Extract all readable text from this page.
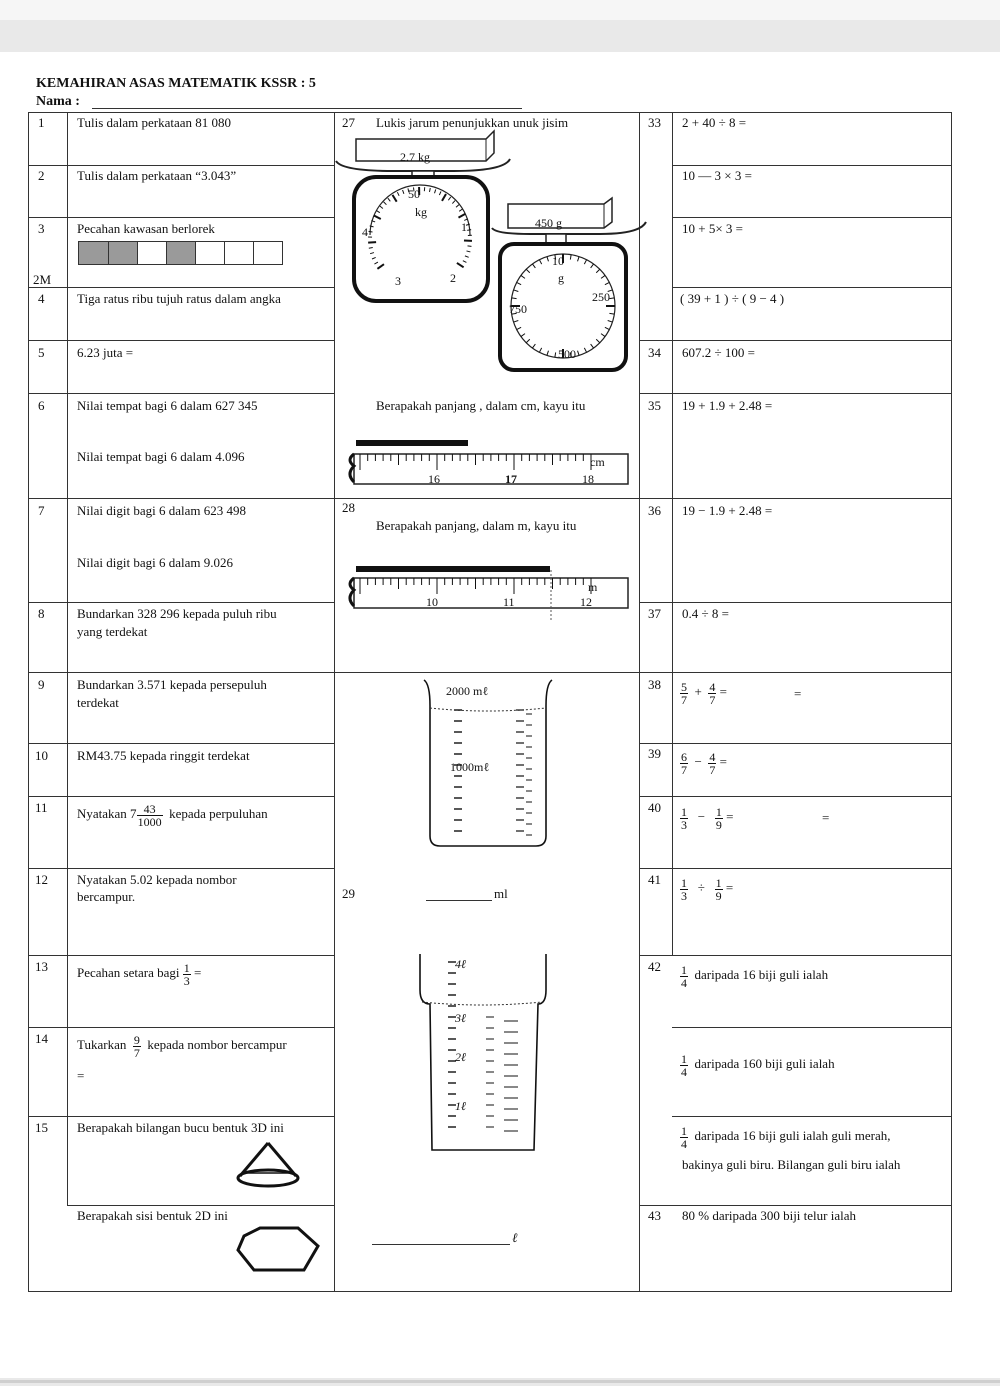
KEMAHIRAN ASAS MATEMATIK KSSR : 5
Nama :
1	Tulis dalam perkataan 81 080
2	Tulis dalam perkataan “3.043”
3	Pecahan kawasan berlorek
2M
4	Tiga ratus ribu tujuh ratus dalam angka
5	6.23 juta =
6	Nilai tempat bagi 6 dalam 627 345
Nilai tempat bagi 6 dalam 4.096
7	Nilai digit bagi 6 dalam 623 498
Nilai digit bagi 6 dalam 9.026
8	Bundarkan 328 296 kepada puluh ribu
yang terdekat
9	Bundarkan 3.571 kepada persepuluh
terdekat
10 RM43.75 kepada ringgit terdekat
11 Nyatakan $7 \frac{43}{1000}$ kepada perpuluhan
12 Nyatakan 5.02 kepada nombor
bercampur.
13 Pecahan setara bagi $\frac{1}{3}$ =
14 Tukarkan $\frac{9}{7}$ kepada nombor bercampur
=
15 Berapakah bilangan bucu bentuk 3D ini
Berapakah sisi bentuk 2D ini
27 Lukis jarum penunjukkan unuk jisim
2.7 kg
50
kg
1
2
3
4
450 g
10
g
250
500
750
Berapakah panjang , dalam cm, kayu itu
cm
16	17	18
28
Berapakah panjang, dalam m, kayu itu
m
10	11	12
2000 mℓ
1000mℓ
29	ml
4ℓ
3ℓ
2ℓ
1ℓ
ℓ
33 2 + 40 ÷ 8 =
10 — 3 × 3 =
10 + 5× 3 =
( 39 + 1 ) ÷ ( 9 − 4 )
34 607.2 ÷ 100 =
35 19 + 1.9 + 2.48 =
36 19 − 1.9 + 2.48 =
37 0.4 ÷ 8 =
$38 \frac{5}{7} + \frac{4}{7}$ =	=
$39 \frac{6}{7} - \frac{4}{7}$ =
$40 \frac{1}{3} - \frac{1}{9}$ =	=
$41 \frac{1}{3} \div \frac{1}{9}$ =
$42 \frac{1}{4}$ daripada 16 biji guli ialah
$\frac{1}{4}$ daripada 160 biji guli ialah
$\frac{1}{4}$ daripada 16 biji guli ialah guli merah,
bakinya guli biru. Bilangan guli biru ialah
43 80 % daripada 300 biji telur ialah
